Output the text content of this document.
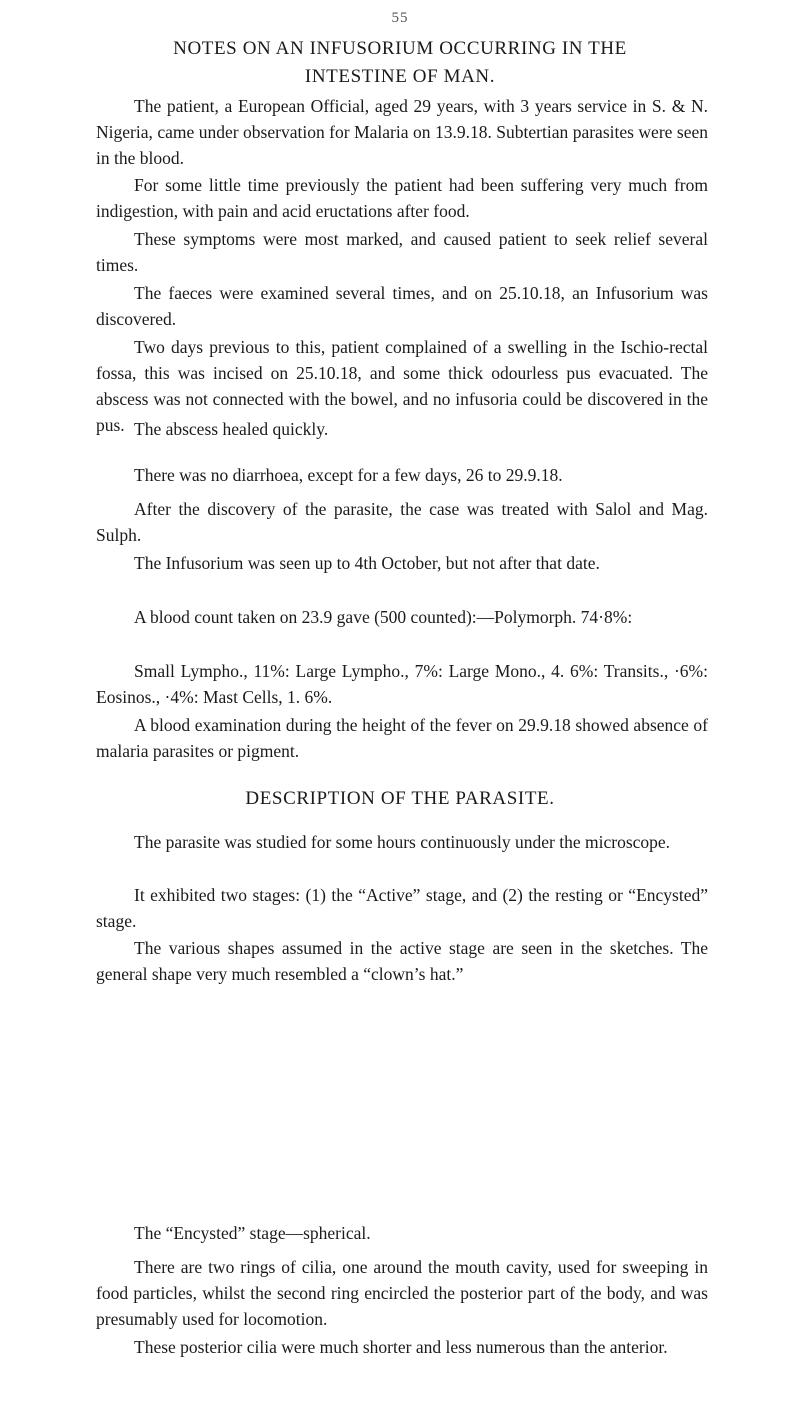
55
NOTES ON AN INFUSORIUM OCCURRING IN THE
INTESTINE OF MAN.

The patient, a European Official, aged 29 years, with 3 years service in S. & N. Nigeria, came under observation for Malaria on 13.9.18. Subtertian parasites were seen in the blood.

For some little time previously the patient had been suffering very much from indigestion, with pain and acid eructations after food.

These symptoms were most marked, and caused patient to seek relief several times.

The faeces were examined several times, and on 25.10.18, an Infusorium was discovered.

Two days previous to this, patient complained of a swelling in the Ischio-rectal fossa, this was incised on 25.10.18, and some thick odourless pus evacuated. The abscess was not connected with the bowel, and no infusoria could be discovered in the pus. The abscess healed quickly.

There was no diarrhoea, except for a few days, 26 to 29.9.18.

After the discovery of the parasite, the case was treated with Salol and Mag. Sulph.

The Infusorium was seen up to 4th October, but not after that date.

A blood count taken on 23.9 gave (500 counted):—Polymorph. 74·8%:

Small Lympho., 11%: Large Lympho., 7%: Large Mono., 4. 6%: Transits., ·6%: Eosinos., ·4%: Mast Cells, 1. 6%.

A blood examination during the height of the fever on 29.9.18 showed absence of malaria parasites or pigment.

DESCRIPTION OF THE PARASITE.

The parasite was studied for some hours continuously under the microscope.

It exhibited two stages: (1) the “Active” stage, and (2) the resting or “Encysted” stage.

The various shapes assumed in the active stage are seen in the sketches. The general shape very much resembled a “clown’s hat.”

The “Encysted” stage—spherical.

There are two rings of cilia, one around the mouth cavity, used for sweeping in food particles, whilst the second ring encircled the posterior part of the body, and was presumably used for locomotion.

These posterior cilia were much shorter and less numerous than the anterior.
